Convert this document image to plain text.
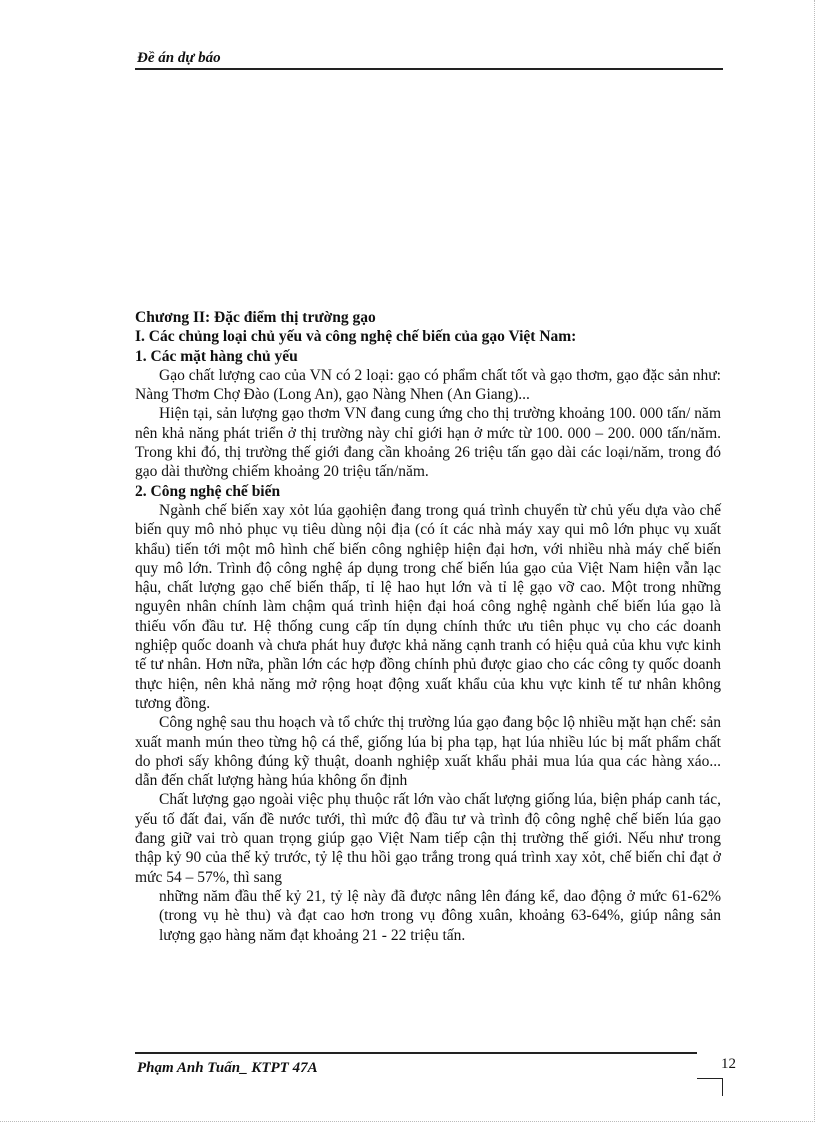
Đề án dự báo

Chương II: Đặc điểm thị trường gạo

I. Các chủng loại chủ yếu và công nghệ chế biến của gạo Việt Nam:

1. Các mặt hàng chủ yếu

Gạo chất lượng cao của VN có 2 loại: gạo có phẩm chất tốt và gạo thơm, gạo đặc sản như: Nàng Thơm Chợ Đào (Long An), gạo Nàng Nhen (An Giang)...

Hiện tại, sản lượng gạo thơm VN đang cung ứng cho thị trường khoảng 100. 000 tấn/ năm nên khả năng phát triển ở thị trường này chỉ giới hạn ở mức từ 100. 000 – 200. 000 tấn/năm. Trong khi đó, thị trường thế giới đang cần khoảng 26 triệu tấn gạo dài các loại/năm, trong đó gạo dài thường chiếm khoảng 20 triệu tấn/năm.

2. Công nghệ chế biến

Ngành chế biến xay xỏt lúa gạohiện đang trong quá trình chuyển từ chủ yếu dựa vào chế biến quy mô nhỏ phục vụ tiêu dùng nội địa (có ít các nhà máy xay qui mô lớn phục vụ xuất khẩu) tiến tới một mô hình chế biến công nghiệp hiện đại hơn, với nhiều nhà máy chế biến quy mô lớn. Trình độ công nghệ áp dụng trong chế biến lúa gạo của Việt Nam hiện vẫn lạc hậu, chất lượng gạo chế biến thấp, tỉ lệ hao hụt lớn và tỉ lệ gạo vỡ cao. Một trong những nguyên nhân chính làm chậm quá trình hiện đại hoá công nghệ ngành chế biến lúa gạo là thiếu vốn đầu tư. Hệ thống cung cấp tín dụng chính thức ưu tiên phục vụ cho các doanh nghiệp quốc doanh và chưa phát huy được khả năng cạnh tranh có hiệu quả của khu vực kinh tế tư nhân. Hơn nữa, phần lớn các hợp đồng chính phủ được giao cho các công ty quốc doanh thực hiện, nên khả năng mở rộng hoạt động xuất khẩu của khu vực kinh tế tư nhân không tương đồng.

Công nghệ sau thu hoạch và tổ chức thị trường lúa gạo đang bộc lộ nhiều mặt hạn chế: sản xuất manh mún theo từng hộ cá thể, giống lúa bị pha tạp, hạt lúa nhiều lúc bị mất phẩm chất do phơi sấy không đúng kỹ thuật, doanh nghiệp xuất khẩu phải mua lúa qua các hàng xáo... dẫn đến chất lượng hàng húa không ổn định

Chất lượng gạo ngoài việc phụ thuộc rất lớn vào chất lượng giống lúa, biện pháp canh tác, yếu tố đất đai, vấn đề nước tưới, thì mức độ đầu tư và trình độ công nghệ chế biến lúa gạo đang giữ vai trò quan trọng giúp gạo Việt Nam tiếp cận thị trường thế giới. Nếu như trong thập kỷ 90 của thế kỷ trước, tỷ lệ thu hồi gạo trắng trong quá trình xay xỏt, chế biến chỉ đạt ở mức 54 – 57%, thì sang

những năm đầu thế kỷ 21, tỷ lệ này đã được nâng lên đáng kể, dao động ở mức 61-62% (trong vụ hè thu) và đạt cao hơn trong vụ đông xuân, khoảng 63-64%, giúp nâng sản lượng gạo hàng năm đạt khoảng 21 - 22 triệu tấn.

Phạm Anh Tuấn_ KTPT 47A	12
